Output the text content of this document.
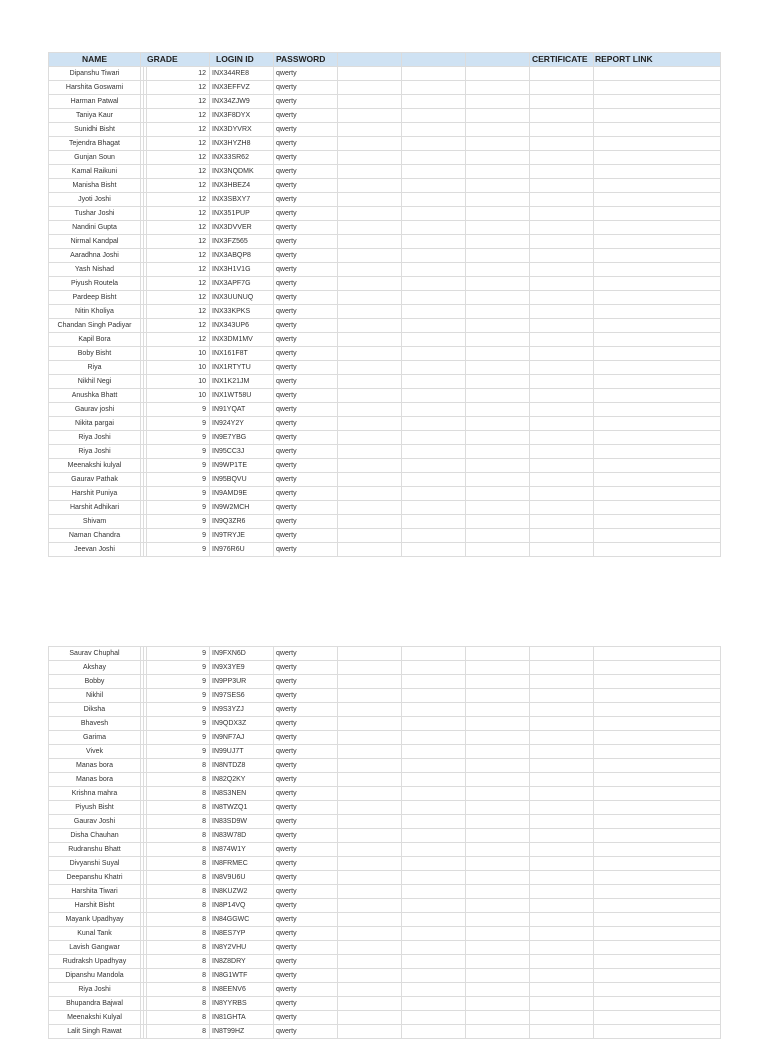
NAME	GRADE			LOGIN ID	PASSWORD				CERTIFICATE	REPORT LINK
Dipanshu Tiwari			12	INX344RE8	qwerty					
Harshita Goswami			12	INX3EFFVZ	qwerty					
Harman Patwal			12	INX34ZJW9	qwerty					
Taniya Kaur			12	INX3F8DYX	qwerty					
Sunidhi Bisht			12	INX3DYVRX	qwerty					
Tejendra Bhagat			12	INX3HYZH8	qwerty					
Gunjan Soun			12	INX33SR62	qwerty					
Kamal Raikuni			12	INX3NQDMK	qwerty					
Manisha Bisht			12	INX3HBEZ4	qwerty					
Jyoti Joshi			12	INX3SBXY7	qwerty					
Tushar Joshi			12	INX351PUP	qwerty					
Nandini Gupta			12	INX3DVVER	qwerty					
Nirmal Kandpal			12	INX3FZ565	qwerty					
Aaradhna Joshi			12	INX3ABQP8	qwerty					
Yash Nishad			12	INX3H1V1G	qwerty					
Piyush Routela			12	INX3APF7G	qwerty					
Pardeep Bisht			12	INX3UUNUQ	qwerty					
Nitin Kholiya			12	INX33KPKS	qwerty					
Chandan Singh Padiyar			12	INX343UP6	qwerty					
Kapil Bora			12	INX3DM1MV	qwerty					
Boby Bisht			10	INX161F8T	qwerty					
Riya			10	INX1RTYTU	qwerty					
Nikhil Negi			10	INX1K21JM	qwerty					
Anushka Bhatt			10	INX1WT58U	qwerty					
Gaurav joshi			9	IN91YQAT	qwerty					
Nikita pargai			9	IN924Y2Y	qwerty					
Riya Joshi			9	IN9E7YBG	qwerty					
Riya Joshi			9	IN95CC3J	qwerty					
Meenakshi kulyal			9	IN9WP1TE	qwerty					
Gaurav Pathak			9	IN95BQVU	qwerty					
Harshit Puniya			9	IN9AMD9E	qwerty					
Harshit Adhikari			9	IN9W2MCH	qwerty					
Shivam			9	IN9Q3ZR6	qwerty					
Naman Chandra			9	IN9TRYJE	qwerty					
Jeevan Joshi			9	IN976R6U	qwerty					
Saurav Chuphal			9	IN9FXN6D	qwerty					
Akshay			9	IN9X3YE9	qwerty					
Bobby			9	IN9PP3UR	qwerty					
Nikhil			9	IN97SES6	qwerty					
Diksha			9	IN9S3YZJ	qwerty					
Bhavesh			9	IN9QDX3Z	qwerty					
Garima			9	IN9NF7AJ	qwerty					
Vivek			9	IN99UJ7T	qwerty					
Manas bora			8	IN8NTDZ8	qwerty					
Manas bora			8	IN82Q2KY	qwerty					
Krishna mahra			8	IN8S3NEN	qwerty					
Piyush Bisht			8	IN8TWZQ1	qwerty					
Gaurav Joshi			8	IN83SD9W	qwerty					
Disha Chauhan			8	IN83W78D	qwerty					
Rudranshu Bhatt			8	IN874W1Y	qwerty					
Divyanshi Suyal			8	IN8FRMEC	qwerty					
Deepanshu Khatri			8	IN8V9U6U	qwerty					
Harshita Tiwari			8	IN8KUZW2	qwerty					
Harshit Bisht			8	IN8P14VQ	qwerty					
Mayank Upadhyay			8	IN84GGWC	qwerty					
Kunal Tank			8	IN8ES7YP	qwerty					
Lavish Gangwar			8	IN8Y2VHU	qwerty					
Rudraksh Upadhyay			8	IN8Z8DRY	qwerty					
Dipanshu Mandola			8	IN8G1WTF	qwerty					
Riya Joshi			8	IN8EENV6	qwerty					
Bhupandra Bajwal			8	IN8YYRBS	qwerty					
Meenakshi Kulyal			8	IN81GHTA	qwerty					
Lalit Singh Rawat			8	IN8T99HZ	qwerty					
